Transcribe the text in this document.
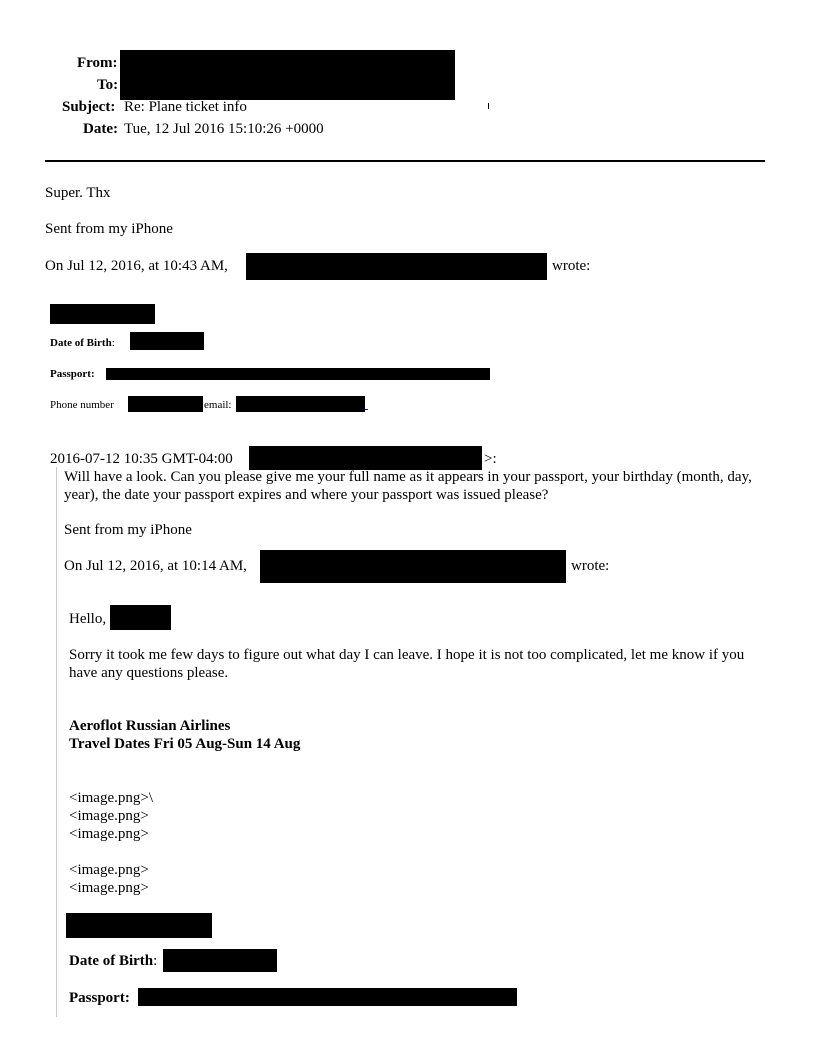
From:
To:
Subject: Re: Plane ticket info
Date: Tue, 12 Jul 2016 15:10:26 +0000
Super. Thx
Sent from my iPhone
On Jul 12, 2016, at 10:43 AM,	wrote:
Date of Birth:
Passport:
Phone number	email:
2016-07-12 10:35 GMT-04:00	>:
Will have a look. Can you please give me your full name as it appears in your passport, your birthday (month, day, year), the date your passport expires and where your passport was issued please?
Sent from my iPhone
On Jul 12, 2016, at 10:14 AM,	wrote:
Hello,
Sorry it took me few days to figure out what day I can leave. I hope it is not too complicated, let me know if you have any questions please.
Aeroflot Russian Airlines
Travel Dates Fri 05 Aug-Sun 14 Aug
<image.png>\
<image.png>
<image.png>
<image.png>
<image.png>
Date of Birth:
Passport:
